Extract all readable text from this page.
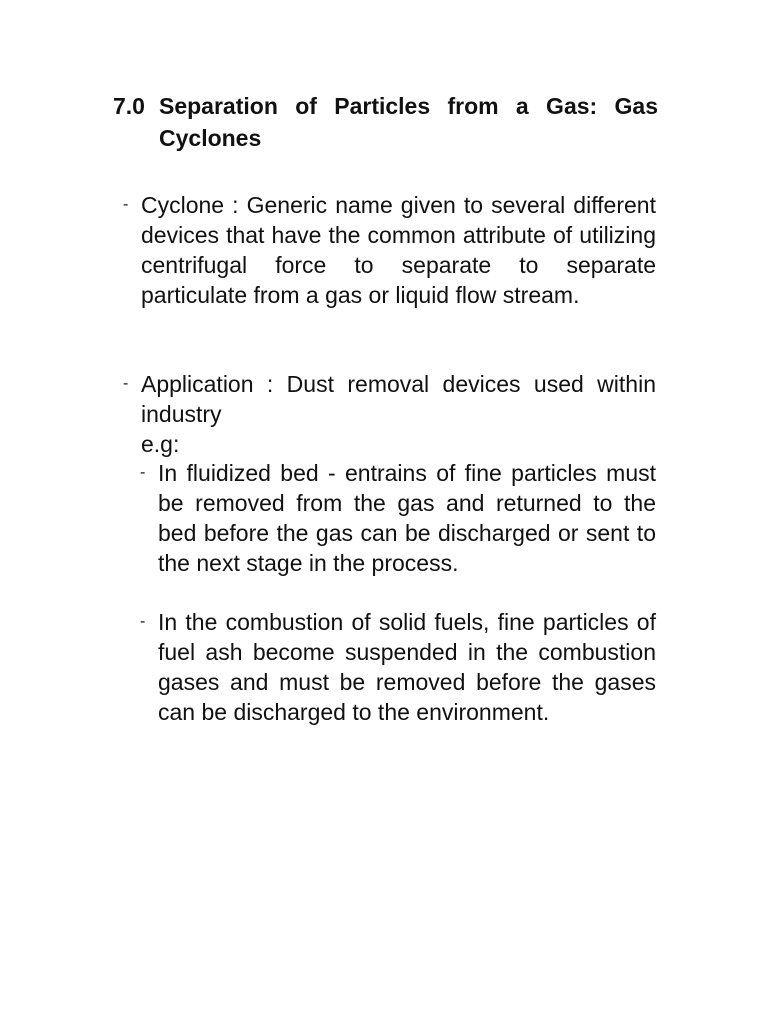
7.0 Separation of Particles from a Gas: Gas Cyclones
- Cyclone : Generic name given to several different devices that have the common attribute of utilizing centrifugal force to separate to separate particulate from a gas or liquid flow stream.
- Application : Dust removal devices used within industry
e.g:
- In fluidized bed - entrains of fine particles must be removed from the gas and returned to the bed before the gas can be discharged or sent to the next stage in the process.
- In the combustion of solid fuels, fine particles of fuel ash become suspended in the combustion gases and must be removed before the gases can be discharged to the environment.
